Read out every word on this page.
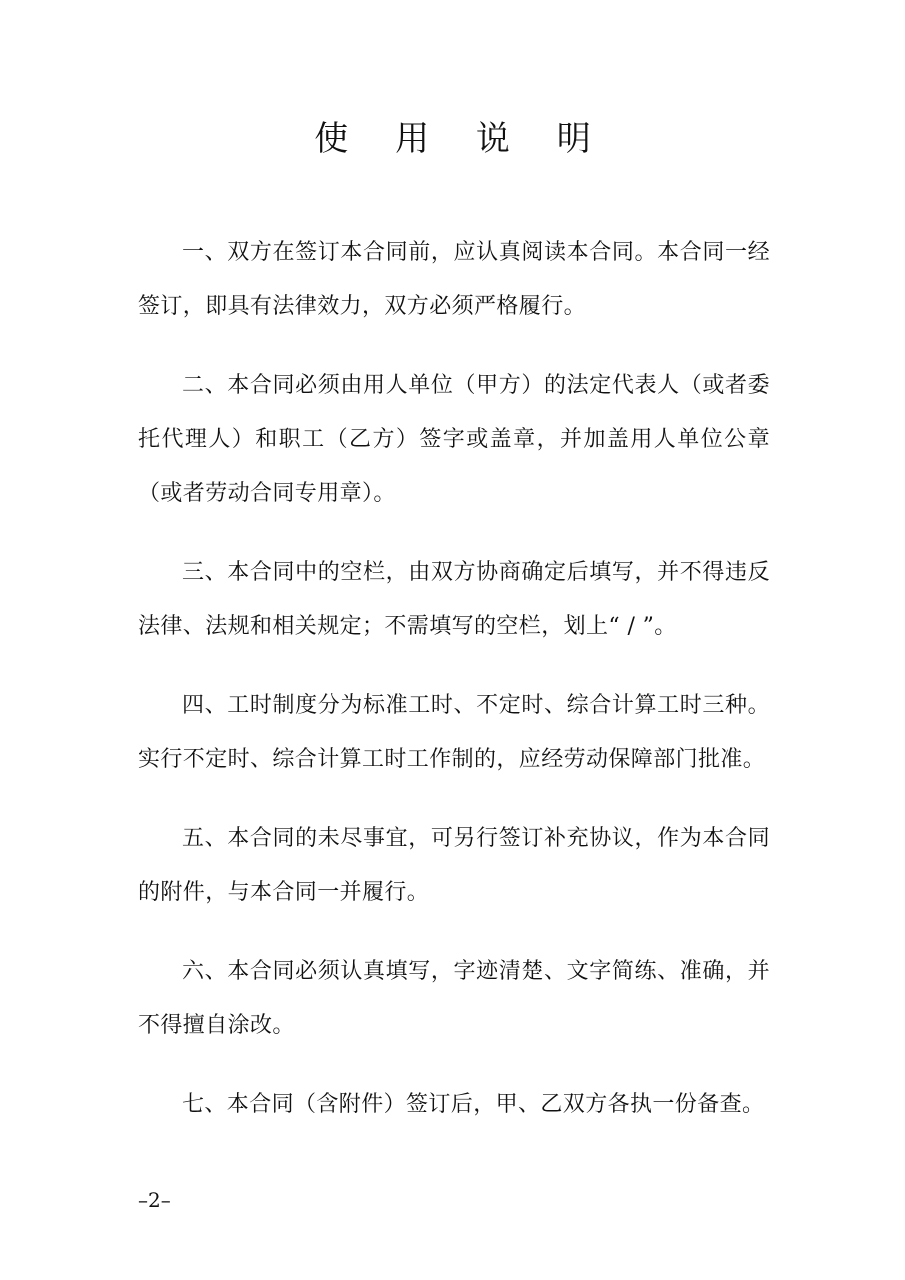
使 用 说 明

一、双方在签订本合同前，应认真阅读本合同。本合同一经签订，即具有法律效力，双方必须严格履行。

二、本合同必须由用人单位（甲方）的法定代表人（或者委托代理人）和职工（乙方）签字或盖章，并加盖用人单位公章（或者劳动合同专用章）。

三、本合同中的空栏，由双方协商确定后填写，并不得违反法律、法规和相关规定；不需填写的空栏，划上“ / ”。

四、工时制度分为标准工时、不定时、综合计算工时三种。实行不定时、综合计算工时工作制的，应经劳动保障部门批准。

五、本合同的未尽事宜，可另行签订补充协议，作为本合同的附件，与本合同一并履行。

六、本合同必须认真填写，字迹清楚、文字简练、准确，并不得擅自涂改。

七、本合同（含附件）签订后，甲、乙双方各执一份备查。

–2–
